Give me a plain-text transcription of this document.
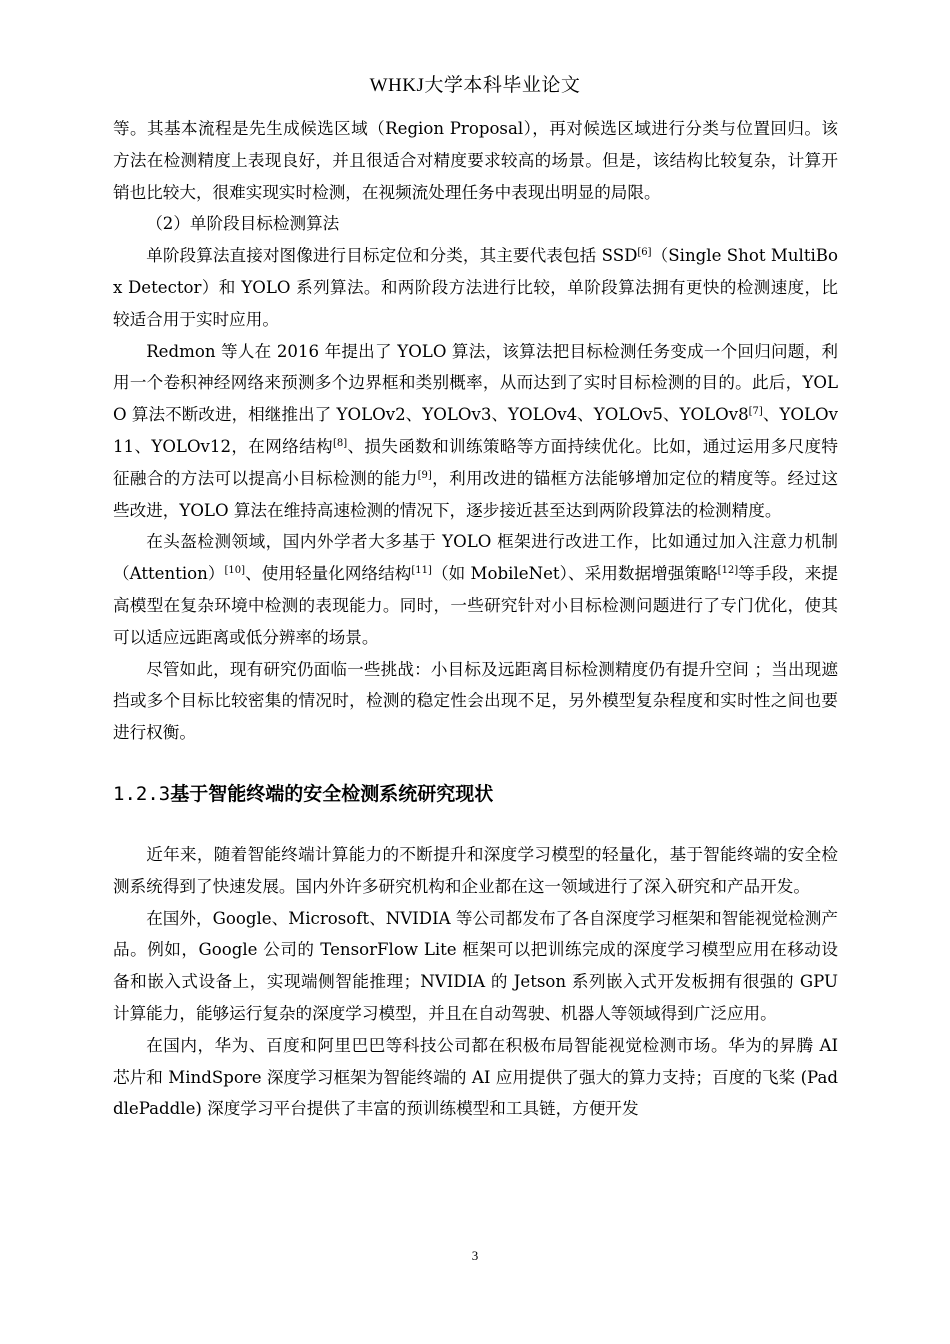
WHKJ大学本科毕业论文

等。其基本流程是先生成候选区域（Region Proposal），再对候选区域进行分类与位置回归。该方法在检测精度上表现良好，并且很适合对精度要求较高的场景。但是，该结构比较复杂，计算开销也比较大，很难实现实时检测，在视频流处理任务中表现出明显的局限。

（2）单阶段目标检测算法

单阶段算法直接对图像进行目标定位和分类，其主要代表包括 SSD[6]（Single Shot MultiBox Detector）和 YOLO 系列算法。和两阶段方法进行比较，单阶段算法拥有更快的检测速度，比较适合用于实时应用。

Redmon 等人在 2016 年提出了 YOLO 算法，该算法把目标检测任务变成一个回归问题，利用一个卷积神经网络来预测多个边界框和类别概率，从而达到了实时目标检测的目的。此后，YOLO 算法不断改进，相继推出了 YOLOv2、YOLOv3、YOLOv4、YOLOv5、YOLOv8[7]、YOLOv11、YOLOv12，在网络结构[8]、损失函数和训练策略等方面持续优化。比如，通过运用多尺度特征融合的方法可以提高小目标检测的能力[9]，利用改进的锚框方法能够增加定位的精度等。经过这些改进，YOLO 算法在维持高速检测的情况下，逐步接近甚至达到两阶段算法的检测精度。

在头盔检测领域，国内外学者大多基于 YOLO 框架进行改进工作，比如通过加入注意力机制（Attention）[10]、使用轻量化网络结构[11]（如 MobileNet）、采用数据增强策略[12]等手段，来提高模型在复杂环境中检测的表现能力。同时，一些研究针对小目标检测问题进行了专门优化，使其可以适应远距离或低分辨率的场景。

尽管如此，现有研究仍面临一些挑战：小目标及远距离目标检测精度仍有提升空间 ；当出现遮挡或多个目标比较密集的情况时，检测的稳定性会出现不足，另外模型复杂程度和实时性之间也要进行权衡。

1.2.3基于智能终端的安全检测系统研究现状

近年来，随着智能终端计算能力的不断提升和深度学习模型的轻量化，基于智能终端的安全检测系统得到了快速发展。国内外许多研究机构和企业都在这一领域进行了深入研究和产品开发。

在国外，Google、Microsoft、NVIDIA 等公司都发布了各自深度学习框架和智能视觉检测产品。例如，Google 公司的 TensorFlow Lite 框架可以把训练完成的深度学习模型应用在移动设备和嵌入式设备上，实现端侧智能推理；NVIDIA 的 Jetson 系列嵌入式开发板拥有很强的 GPU 计算能力，能够运行复杂的深度学习模型，并且在自动驾驶、机器人等领域得到广泛应用。

在国内，华为、百度和阿里巴巴等科技公司都在积极布局智能视觉检测市场。华为的昇腾 AI 芯片和 MindSpore 深度学习框架为智能终端的 AI 应用提供了强大的算力支持；百度的飞桨 (PaddlePaddle) 深度学习平台提供了丰富的预训练模型和工具链，方便开发

3
